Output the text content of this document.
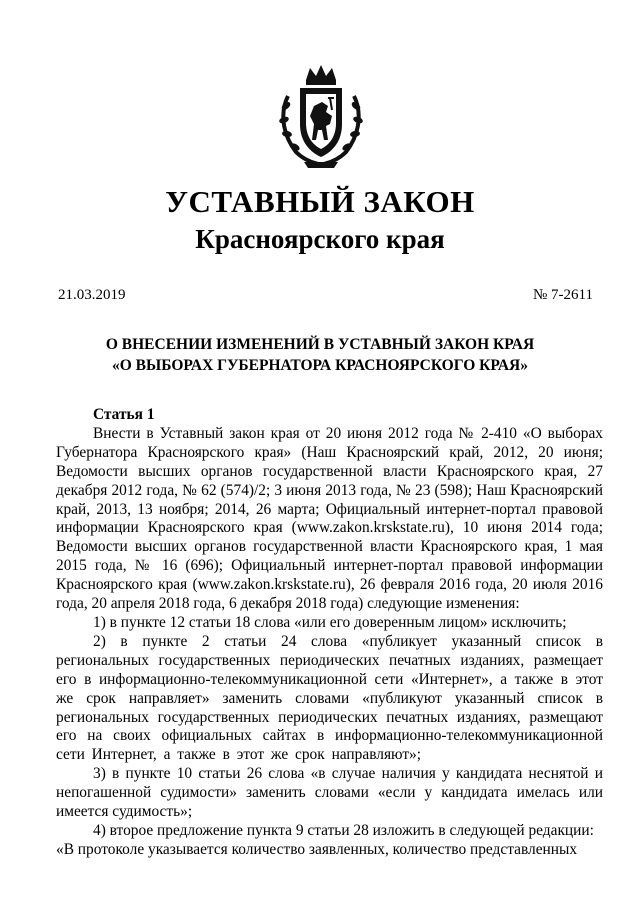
УСТАВНЫЙ ЗАКОН
Красноярского края
21.03.2019	№ 7-2611
О ВНЕСЕНИИ ИЗМЕНЕНИЙ В УСТАВНЫЙ ЗАКОН КРАЯ
«О ВЫБОРАХ ГУБЕРНАТОРА КРАСНОЯРСКОГО КРАЯ»

Статья 1

Внести в Уставный закон края от 20 июня 2012 года № 2-410 «О выборах Губернатора Красноярского края» (Наш Красноярский край, 2012, 20 июня; Ведомости высших органов государственной власти Красноярского края, 27 декабря 2012 года, № 62 (574)/2; 3 июня 2013 года, № 23 (598); Наш Красноярский край, 2013, 13 ноября; 2014, 26 марта; Официальный интернет-портал правовой информации Красноярского края (www.zakon.krskstate.ru), 10 июня 2014 года; Ведомости высших органов государственной власти Красноярского края, 1 мая 2015 года, № 16 (696); Официальный интернет-портал правовой информации Красноярского края (www.zakon.krskstate.ru), 26 февраля 2016 года, 20 июля 2016 года, 20 апреля 2018 года, 6 декабря 2018 года) следующие изменения:

1) в пункте 12 статьи 18 слова «или его доверенным лицом» исключить;

2) в пункте 2 статьи 24 слова «публикует указанный список в региональных государственных периодических печатных изданиях, размещает его в информационно-телекоммуникационной сети «Интернет», а также в этот же срок направляет» заменить словами «публикуют указанный список в региональных государственных периодических печатных изданиях, размещают его на своих официальных сайтах в информационно-телекоммуникационной сети Интернет, а также в этот же срок направляют»;

3) в пункте 10 статьи 26 слова «в случае наличия у кандидата неснятой и непогашенной судимости» заменить словами «если у кандидата имелась или имеется судимость»;

4) второе предложение пункта 9 статьи 28 изложить в следующей редакции:

«В протоколе указывается количество заявленных, количество представленных
